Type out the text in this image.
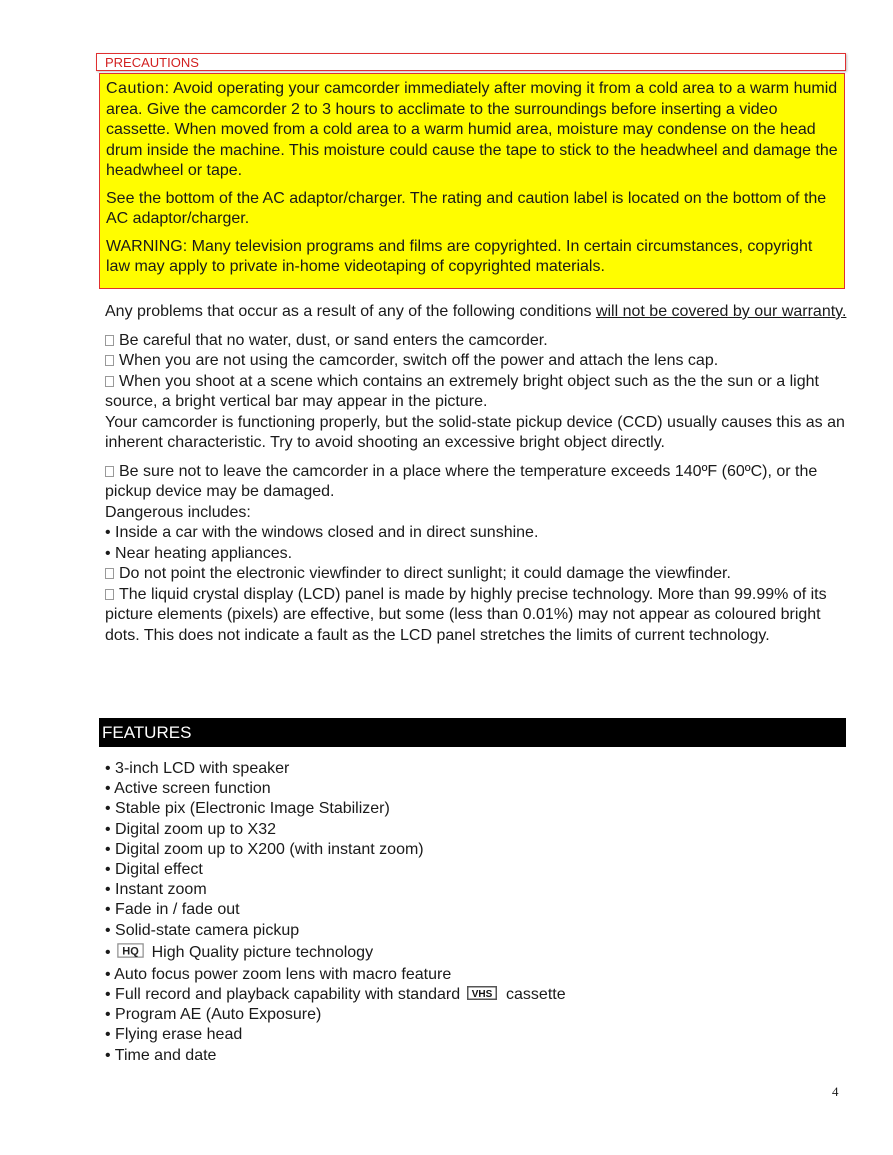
PRECAUTIONS

Caution: Avoid operating your camcorder immediately after moving it from a cold area to a warm humid area. Give the camcorder 2 to 3 hours to acclimate to the surroundings before inserting a video cassette. When moved from a cold area to a warm humid area, moisture may condense on the head drum inside the machine. This moisture could cause the tape to stick to the headwheel and damage the headwheel or tape.

See the bottom of the AC adaptor/charger. The rating and caution label is located on the bottom of the AC adaptor/charger.

WARNING: Many television programs and films are copyrighted. In certain circumstances, copyright law may apply to private in-home videotaping of copyrighted materials.

Any problems that occur as a result of any of the following conditions will not be covered by our warranty.

Be careful that no water, dust, or sand enters the camcorder.
When you are not using the camcorder, switch off the power and attach the lens cap.
When you shoot at a scene which contains an extremely bright object such as the the sun or a light source, a bright vertical bar may appear in the picture.
Your camcorder is functioning properly, but the solid-state pickup device (CCD) usually causes this as an inherent characteristic. Try to avoid shooting an excessive bright object directly.

Be sure not to leave the camcorder in a place where the temperature exceeds 140ºF (60ºC), or the pickup device may be damaged.
Dangerous includes:
• Inside a car with the windows closed and in direct sunshine.
• Near heating appliances.
Do not point the electronic viewfinder to direct sunlight; it could damage the viewfinder.
The liquid crystal display (LCD) panel is made by highly precise technology. More than 99.99% of its picture elements (pixels) are effective, but some (less than 0.01%) may not appear as coloured bright dots. This does not indicate a fault as the LCD panel stretches the limits of current technology.

FEATURES
• 3-inch LCD with speaker
• Active screen function
• Stable pix (Electronic Image Stabilizer)
• Digital zoom up to X32
• Digital zoom up to X200 (with instant zoom)
• Digital effect
• Instant zoom
• Fade in / fade out
• Solid-state camera pickup
• HQ High Quality picture technology
• Auto focus power zoom lens with macro feature
• Full record and playback capability with standard VHS cassette
• Program AE (Auto Exposure)
• Flying erase head
• Time and date
4
